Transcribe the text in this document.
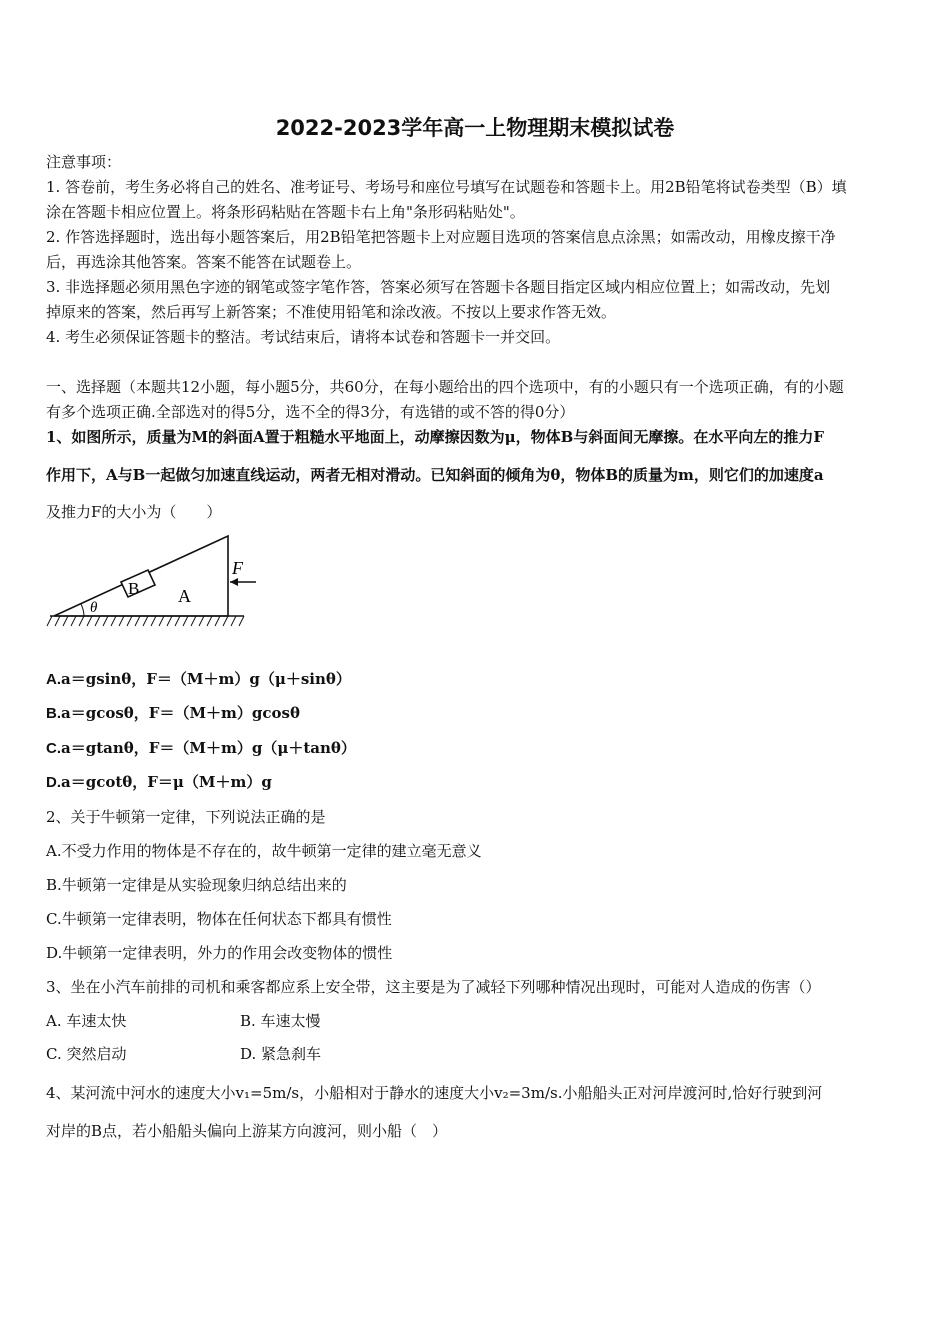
2022-2023学年高一上物理期末模拟试卷
注意事项：
1. 答卷前，考生务必将自己的姓名、准考证号、考场号和座位号填写在试题卷和答题卡上。用2B铅笔将试卷类型（B）填
涂在答题卡相应位置上。将条形码粘贴在答题卡右上角"条形码粘贴处"。
2. 作答选择题时，选出每小题答案后，用2B铅笔把答题卡上对应题目选项的答案信息点涂黑；如需改动，用橡皮擦干净
后，再选涂其他答案。答案不能答在试题卷上。
3. 非选择题必须用黑色字迹的钢笔或签字笔作答，答案必须写在答题卡各题目指定区域内相应位置上；如需改动，先划
掉原来的答案，然后再写上新答案；不准使用铅笔和涂改液。不按以上要求作答无效。
4. 考生必须保证答题卡的整洁。考试结束后，请将本试卷和答题卡一并交回。
一、选择题（本题共12小题，每小题5分，共60分，在每小题给出的四个选项中，有的小题只有一个选项正确，有的小题
有多个选项正确.全部选对的得5分，选不全的得3分，有选错的或不答的得0分）
1、如图所示，质量为M的斜面A置于粗糙水平地面上，动摩擦因数为μ，物体B与斜面间无摩擦。在水平向左的推力F
作用下，A与B一起做匀加速直线运动，两者无相对滑动。已知斜面的倾角为θ，物体B的质量为m，则它们的加速度a
及推力F的大小为（　　）
B A
F
θ
A.a＝gsinθ，F＝（M＋m）g（μ＋sinθ）
B.a＝gcosθ，F＝（M＋m）gcosθ
C.a＝gtanθ，F＝（M＋m）g（μ＋tanθ）
D.a＝gcotθ，F＝μ（M＋m）g
2、关于牛顿第一定律，下列说法正确的是
A.不受力作用的物体是不存在的，故牛顿第一定律的建立毫无意义
B.牛顿第一定律是从实验现象归纳总结出来的
C.牛顿第一定律表明，物体在任何状态下都具有惯性
D.牛顿第一定律表明，外力的作用会改变物体的惯性
3、坐在小汽车前排的司机和乘客都应系上安全带，这主要是为了减轻下列哪种情况出现时，可能对人造成的伤害（）
A. 车速太快	B. 车速太慢
C. 突然启动	D. 紧急刹车
4、某河流中河水的速度大小v₁=5m/s，小船相对于静水的速度大小v₂=3m/s.小船船头正对河岸渡河时,恰好行驶到河
对岸的B点，若小船船头偏向上游某方向渡河，则小船（　）
